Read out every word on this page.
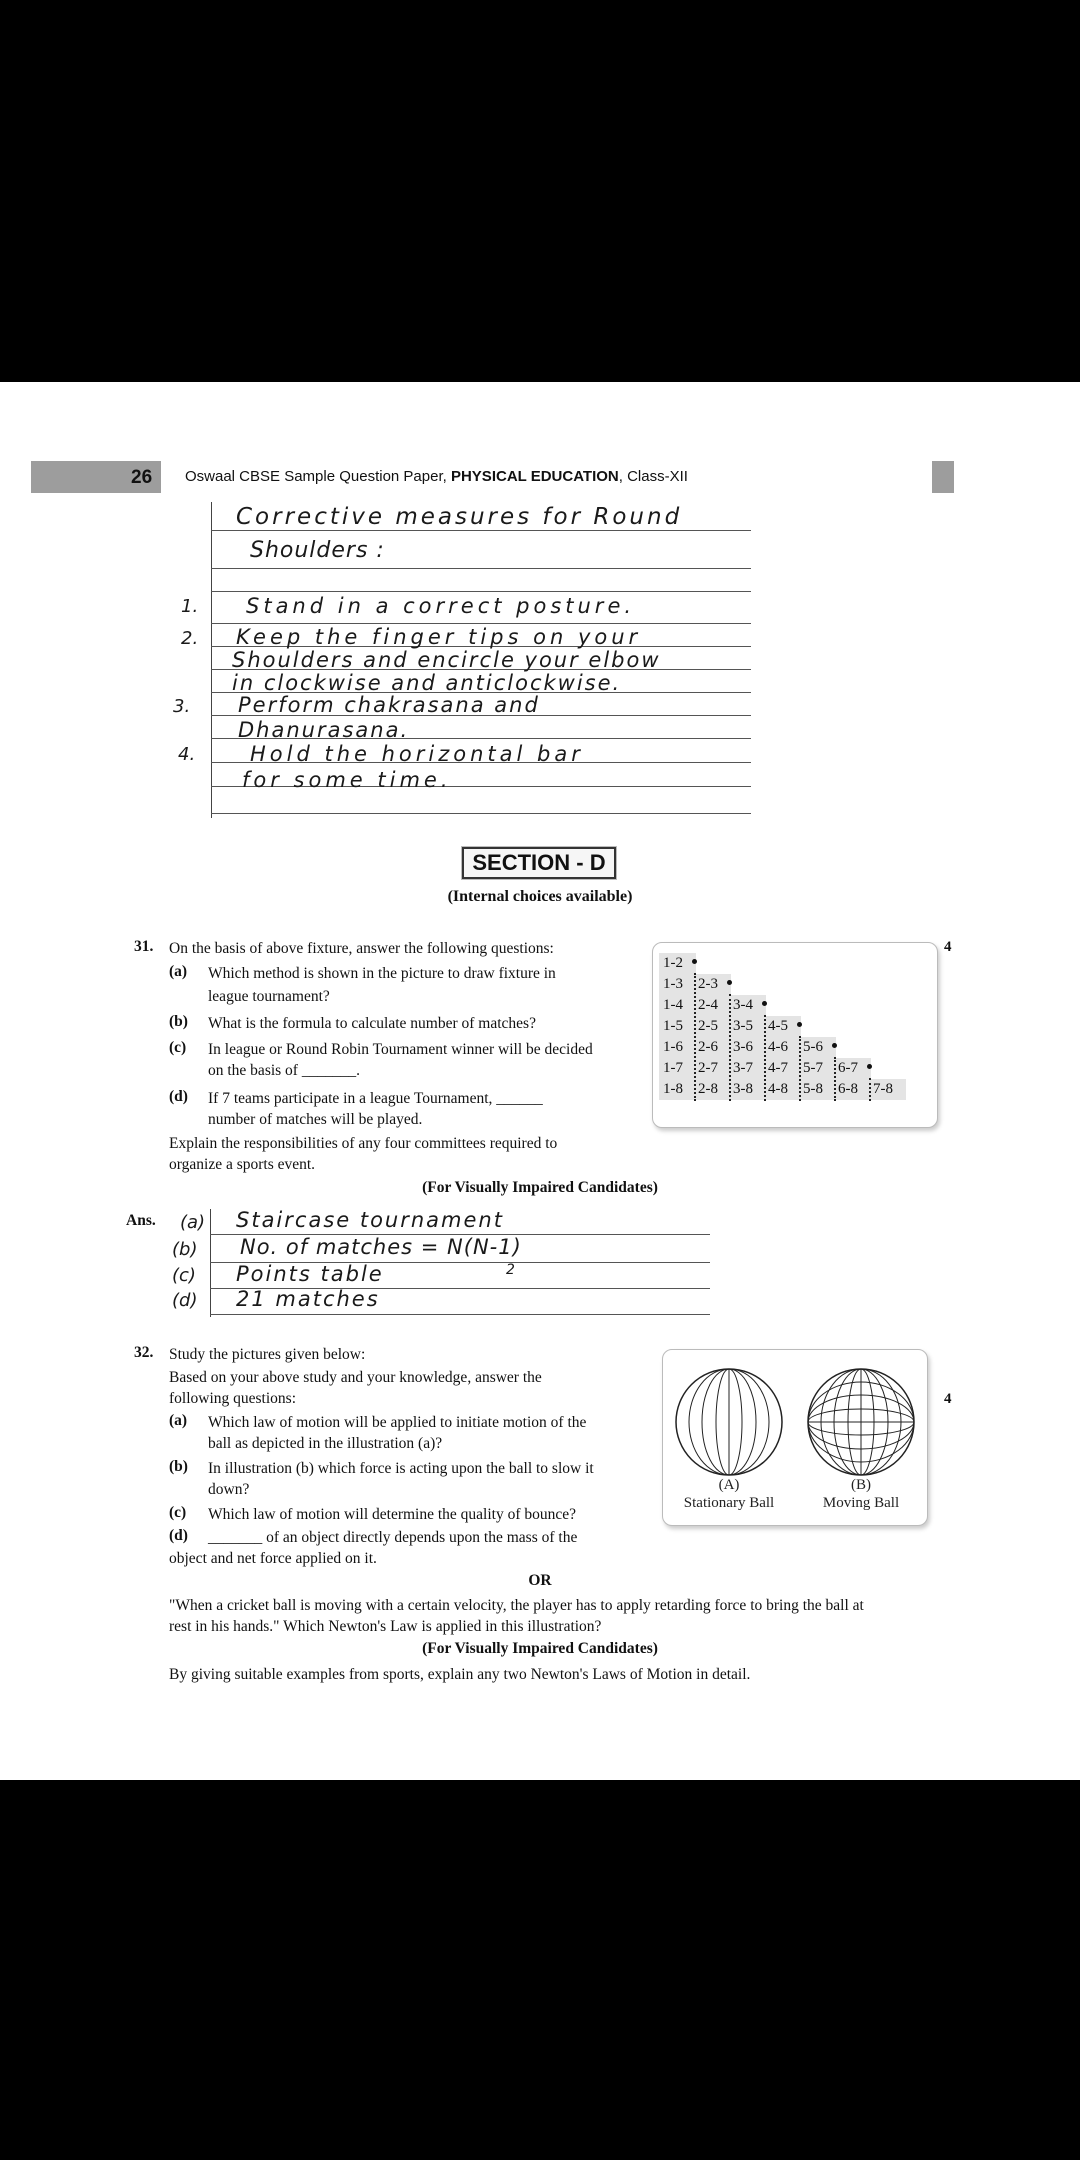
26 Oswaal CBSE Sample Question Paper, PHYSICAL EDUCATION, Class-XII
Corrective measures for Round
Shoulders :
1. Stand in a correct posture.
2. Keep the finger tips on your
Shoulders and encircle your elbow
in clockwise and anticlockwise.
3. Perform chakrasana and
Dhanurasana.
4.	Hold the horizontal bar
for some time.
SECTION - D
(Internal choices available)
31. On the basis of above fixture, answer the following questions:	4
(a) Which method is shown in the picture to draw fixture in
league tournament?
(b) What is the formula to calculate number of matches?
(c) In league or Round Robin Tournament winner will be decided
on the basis of _______.
(d) If 7 teams participate in a league Tournament, ______
number of matches will be played.
Explain the responsibilities of any four committees required to
organize a sports event.
(For Visually Impaired Candidates)
1-2
1-3 2-3
1-4 2-4 3-4
1-5 2-5 3-5 4-5
1-6 2-6 3-6 4-6 5-6
1-7 2-7 3-7 4-7 5-7 6-7
1-8 2-8 3-8 4-8 5-8 6-8 7-8
Ans. (a) Staircase tournament
(b) No. of matches = N(N-1)
2
(c) Points table
(d) 21 matches
32. Study the pictures given below:
4
Based on your above study and your knowledge, answer the
following questions:
(a) Which law of motion will be applied to initiate motion of the
ball as depicted in the illustration (a)?
(b) In illustration (b) which force is acting upon the ball to slow it
down?
(c) Which law of motion will determine the quality of bounce?
(d) _______ of an object directly depends upon the mass of the
object and net force applied on it.
OR
"When a cricket ball is moving with a certain velocity, the player has to apply retarding force to bring the ball at
rest in his hands." Which Newton's Law is applied in this illustration?
(For Visually Impaired Candidates)
By giving suitable examples from sports, explain any two Newton's Laws of Motion in detail.
(A)
Stationary Ball
(B)
Moving Ball
